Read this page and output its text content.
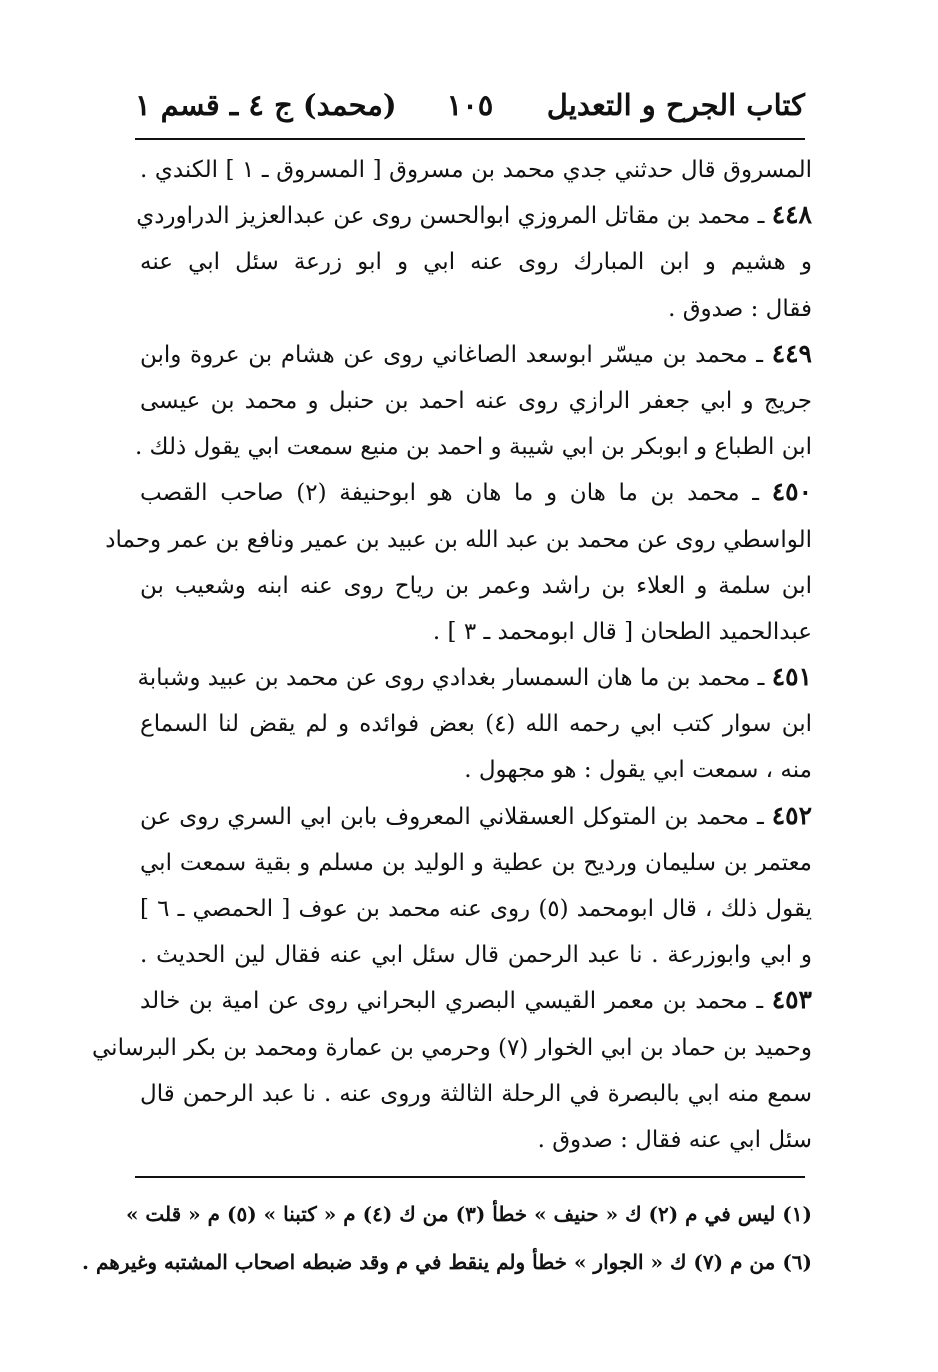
كتاب الجرح و التعديل
١٠٥
(محمد) ج ٤ ـ قسم ١
المسروق قال حدثني جدي محمد بن مسروق [ المسروق ـ ١ ] الكندي .
٤٤٨ ـ محمد بن مقاتل المروزي ابوالحسن روى عن عبدالعزيز الدراوردي
و هشيم و ابن المبارك روى عنه ابي و ابو زرعة سئل ابي عنه
فقال : صدوق .
٤٤٩ ـ محمد بن ميسّر ابوسعد الصاغاني روى عن هشام بن عروة وابن
جريج و ابي جعفر الرازي روى عنه احمد بن حنبل و محمد بن عيسى
ابن الطباع و ابوبكر بن ابي شيبة و احمد بن منيع سمعت ابي يقول ذلك .
٤٥٠ ـ محمد بن ما هان و ما هان هو ابوحنيفة (٢) صاحب القصب
الواسطي روى عن محمد بن عبد الله بن عبيد بن عمير ونافع بن عمر وحماد
ابن سلمة و العلاء بن راشد وعمر بن رياح روى عنه ابنه وشعيب بن
عبدالحميد الطحان [ قال ابومحمد ـ ٣ ] .
٤٥١ ـ محمد بن ما هان السمسار بغدادي روى عن محمد بن عبيد وشبابة
ابن سوار كتب ابي رحمه الله (٤) بعض فوائده و لم يقض لنا السماع
منه ، سمعت ابي يقول : هو مجهول .
٤٥٢ ـ محمد بن المتوكل العسقلاني المعروف بابن ابي السري روى عن
معتمر بن سليمان ورديح بن عطية و الوليد بن مسلم و بقية سمعت ابي
يقول ذلك ، قال ابومحمد (٥) روى عنه محمد بن عوف [ الحمصي ـ ٦ ]
و ابي وابوزرعة . نا عبد الرحمن قال سئل ابي عنه فقال لين الحديث .
٤٥٣ ـ محمد بن معمر القيسي البصري البحراني روى عن امية بن خالد
وحميد بن حماد بن ابي الخوار (٧) وحرمي بن عمارة ومحمد بن بكر البرساني
سمع منه ابي بالبصرة في الرحلة الثالثة وروى عنه . نا عبد الرحمن قال
سئل ابي عنه فقال : صدوق .
(١) ليس في م (٢) ك « حنيف » خطأ (٣) من ك (٤) م « كتبنا » (٥) م « قلت »
(٦) من م (٧) ك « الجوار » خطأ ولم ينقط في م وقد ضبطه اصحاب المشتبه وغيرهم .
